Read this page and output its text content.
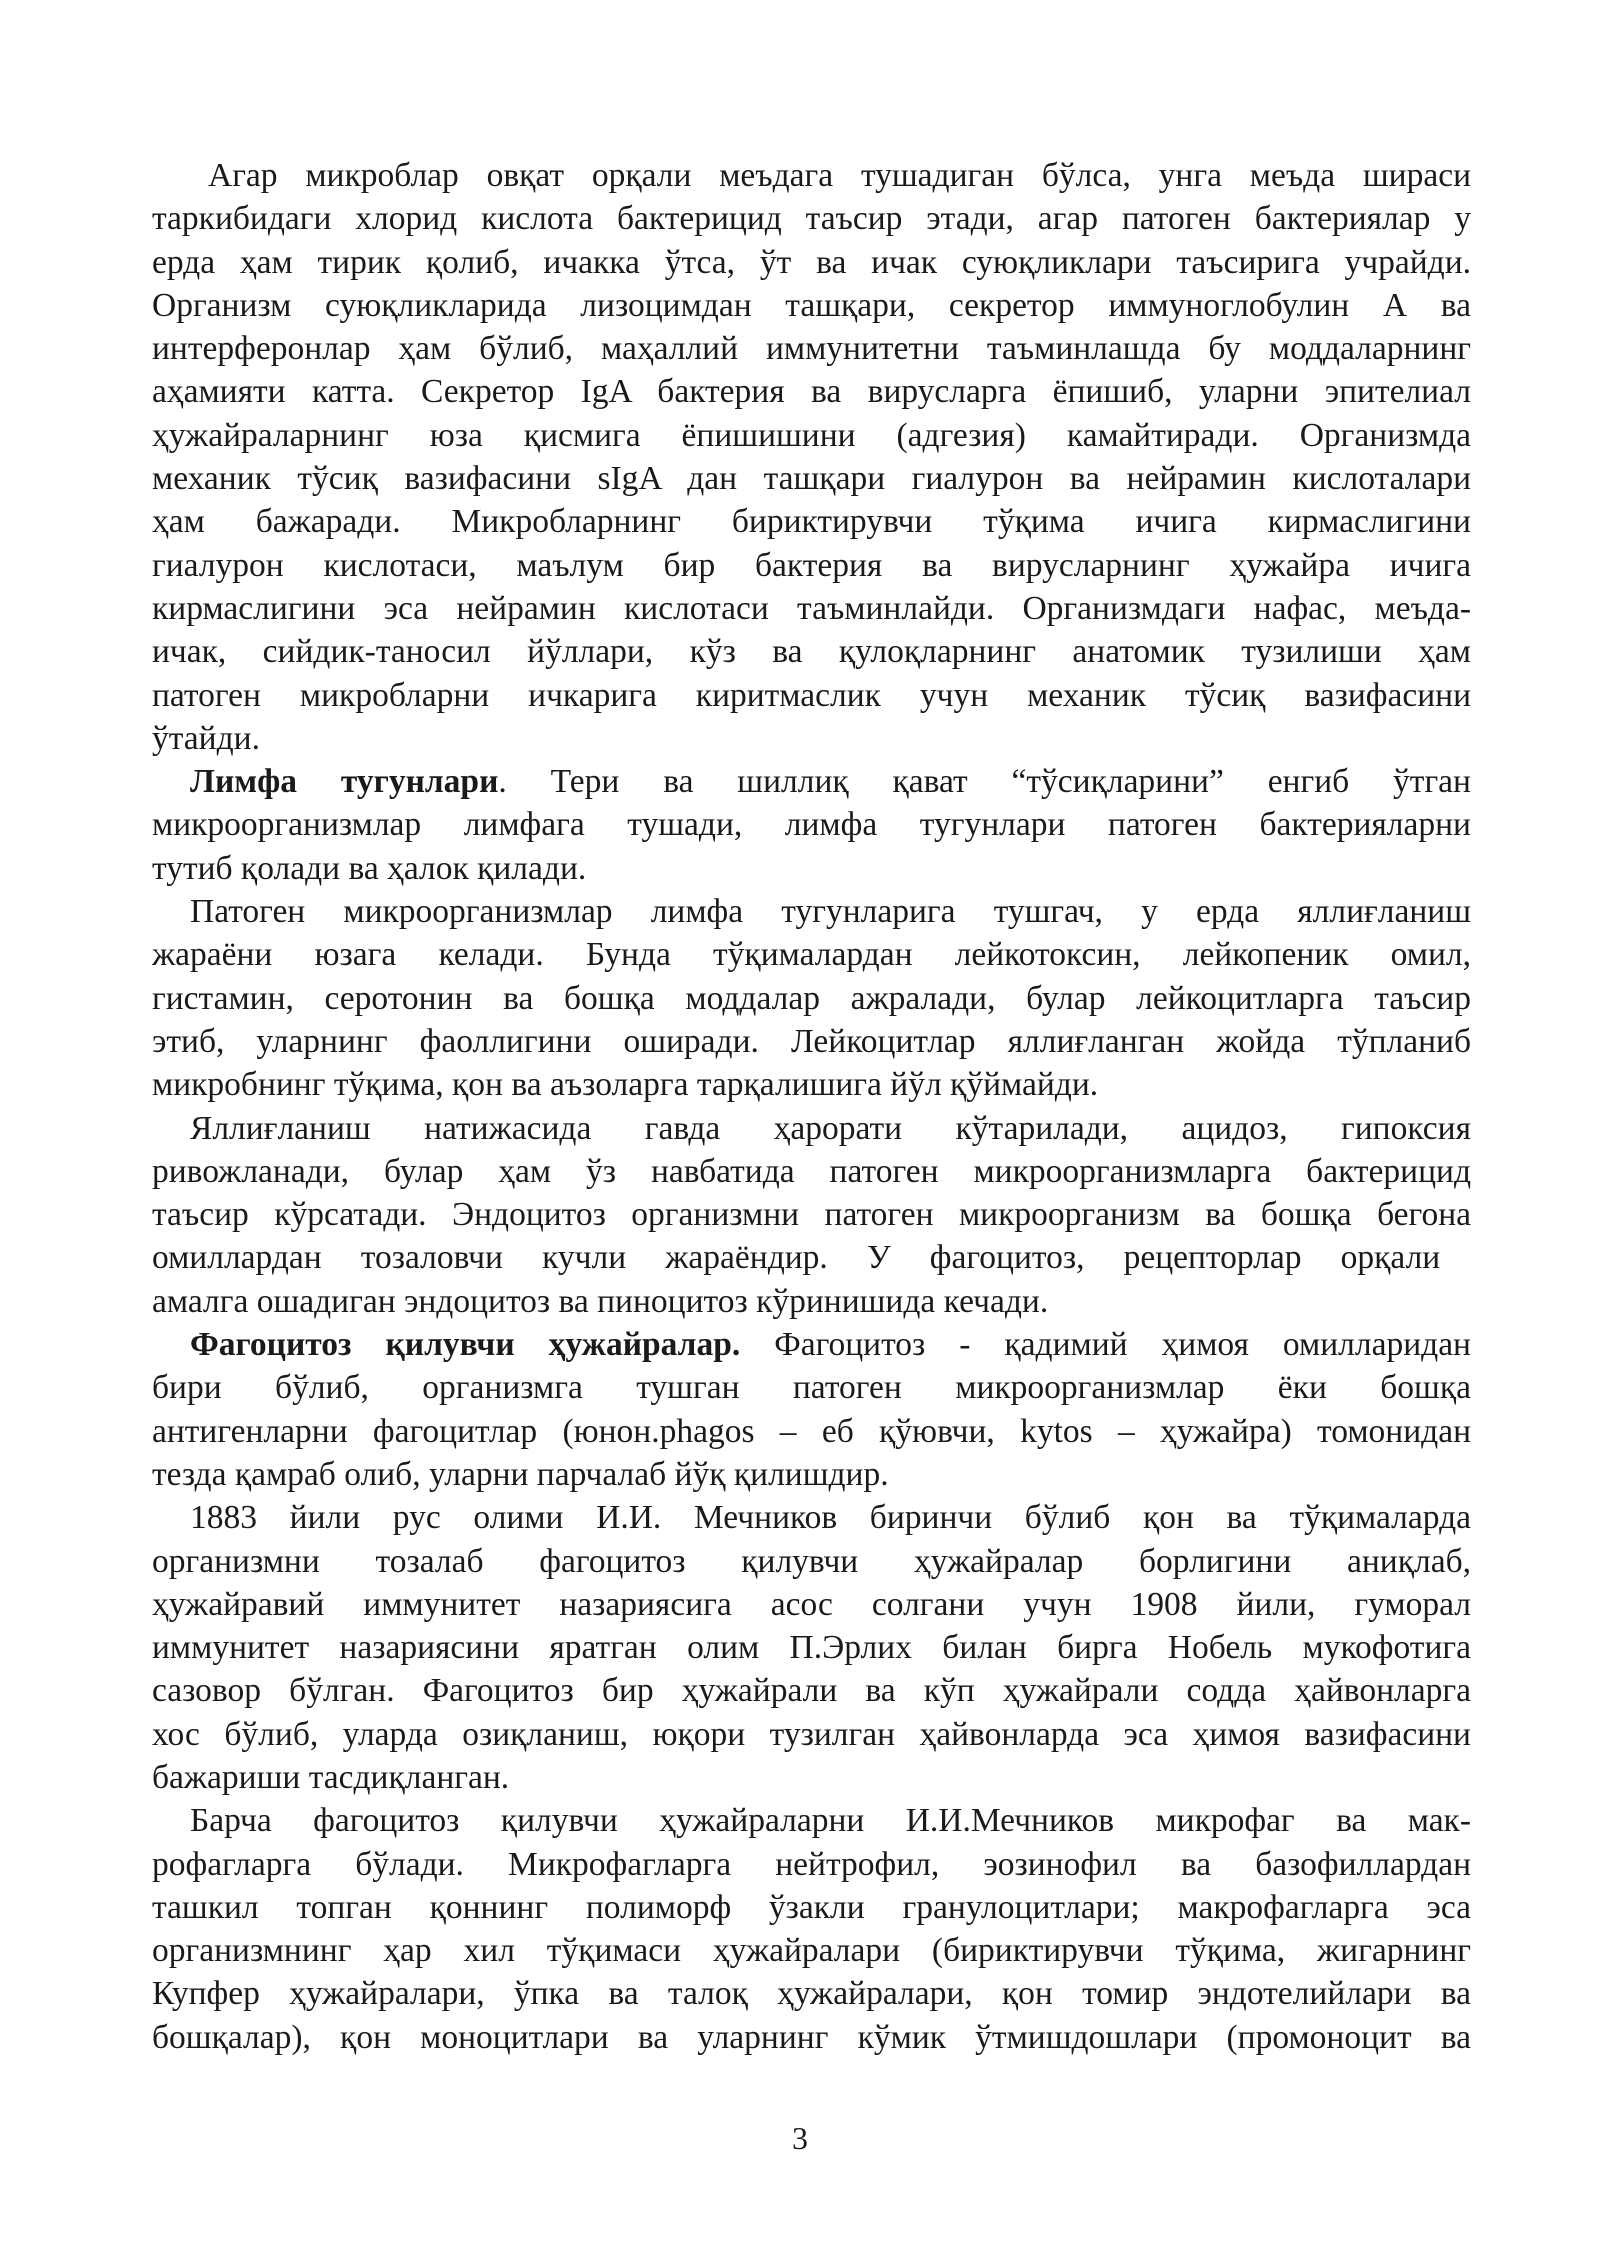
Агар микроблар овқат орқали меъдага тушадиган бўлса, унга меъда шираси
таркибидаги хлорид кислота бактерицид таъсир этади, агар патоген бактериялар у
ерда ҳам тирик қолиб, ичакка ўтса, ўт ва ичак суюқликлари таъсирига учрайди.
Организм суюқликларида лизоцимдан ташқари, секретор иммуноглобулин А ва
интерферонлар ҳам бўлиб, маҳаллий иммунитетни таъминлашда бу моддаларнинг
аҳамияти катта. Секретор IgA бактерия ва вирусларга ёпишиб, уларни эпителиал
ҳужайраларнинг юза қисмига ёпишишини (адгезия) камайтиради. Организмда
механик тўсиқ вазифасини sIgA дан ташқари гиалурон ва нейрамин кислоталари
ҳам бажаради. Микробларнинг бириктирувчи тўқима ичига кирмаслигини
гиалурон кислотаси, маълум бир бактерия ва вирусларнинг ҳужайра ичига
кирмаслигини эса нейрамин кислотаси таъминлайди. Организмдаги нафас, меъда-
ичак, сийдик-таносил йўллари, кўз ва қулоқларнинг анатомик тузилиши ҳам
патоген микробларни ичкарига киритмаслик учун механик тўсиқ вазифасини
ўтайди.
Лимфа тугунлари. Тери ва шиллиқ қават “тўсиқларини” енгиб ўтган
микроорганизмлар лимфага тушади, лимфа тугунлари патоген бактерияларни
тутиб қолади ва ҳалок қилади.
Патоген микроорганизмлар лимфа тугунларига тушгач, у ерда яллиғланиш
жараёни юзага келади. Бунда тўқималардан лейкотоксин, лейкопеник омил,
гистамин, серотонин ва бошқа моддалар ажралади, булар лейкоцитларга таъсир
этиб, уларнинг фаоллигини оширади. Лейкоцитлар яллиғланган жойда тўпланиб
микробнинг тўқима, қон ва аъзоларга тарқалишига йўл қўймайди.
Яллиғланиш натижасида гавда ҳарорати кўтарилади, ацидоз, гипоксия
ривожланади, булар ҳам ўз навбатида патоген микроорганизмларга бактерицид
таъсир кўрсатади. Эндоцитоз организмни патоген микроорганизм ва бошқа бегона
омиллардан тозаловчи кучли жараёндир. У фагоцитоз, рецепторлар орқали
амалга ошадиган эндоцитоз ва пиноцитоз кўринишида кечади.
Фагоцитоз қилувчи ҳужайралар. Фагоцитоз - қадимий ҳимоя омилларидан
бири бўлиб, организмга тушган патоген микроорганизмлар ёки бошқа
антигенларни фагоцитлар (юнон.phagos – еб қўювчи, kytos – ҳужайра) томонидан
тезда қамраб олиб, уларни парчалаб йўқ қилишдир.
1883 йили рус олими И.И. Мечников биринчи бўлиб қон ва тўқималарда
организмни тозалаб фагоцитоз қилувчи ҳужайралар борлигини аниқлаб,
ҳужайравий иммунитет назариясига асос солгани учун 1908 йили, гуморал
иммунитет назариясини яратган олим П.Эрлих билан бирга Нобель мукофотига
сазовор бўлган. Фагоцитоз бир ҳужайрали ва кўп ҳужайрали содда ҳайвонларга
хос бўлиб, уларда озиқланиш, юқори тузилган ҳайвонларда эса ҳимоя вазифасини
бажариши тасдиқланган.
Барча фагоцитоз қилувчи ҳужайраларни И.И.Мечников микрофаг ва мак-
рофагларга бўлади. Микрофагларга нейтрофил, эозинофил ва базофиллардан
ташкил топган қоннинг полиморф ўзакли гранулоцитлари; макрофагларга эса
организмнинг ҳар хил тўқимаси ҳужайралари (бириктирувчи тўқима, жигарнинг
Купфер ҳужайралари, ўпка ва талоқ ҳужайралари, қон томир эндотелийлари ва
бошқалар), қон моноцитлари ва уларнинг кўмик ўтмишдошлари (промоноцит ва
3
